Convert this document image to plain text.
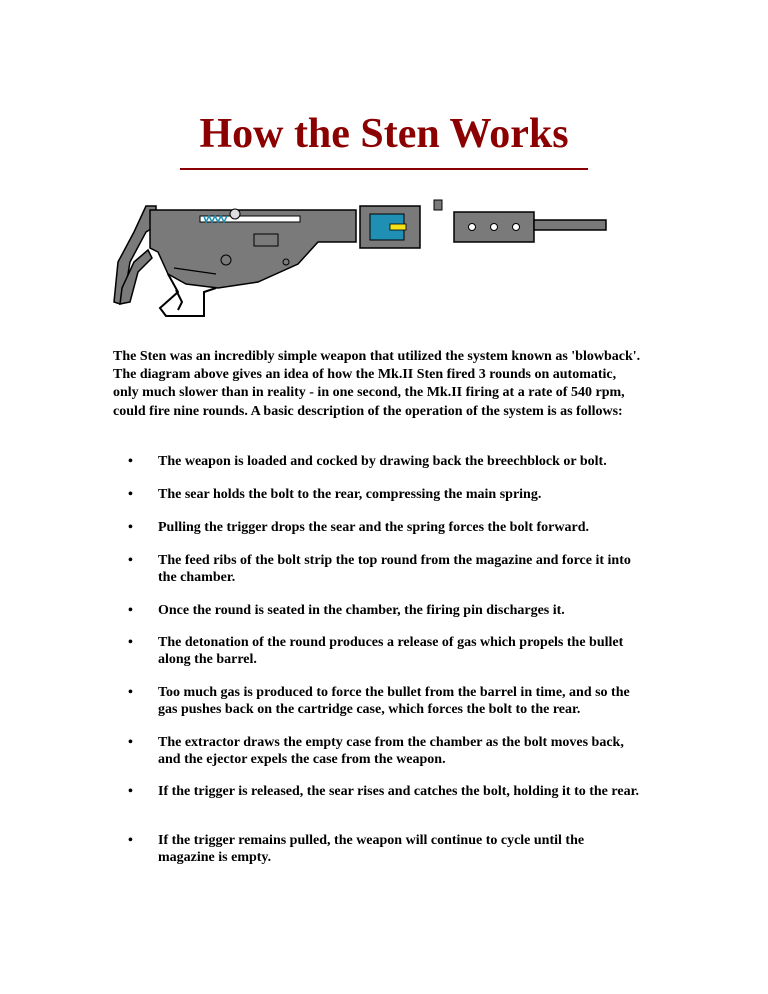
How the Sten Works

The Sten was an incredibly simple weapon that utilized the system known as 'blowback'. The diagram above gives an idea of how the Mk.II Sten fired 3 rounds on automatic, only much slower than in reality - in one second, the Mk.II firing at a rate of 540 rpm, could fire nine rounds. A basic description of the operation of the system is as follows:

• The weapon is loaded and cocked by drawing back the breechblock or bolt.
• The sear holds the bolt to the rear, compressing the main spring.
• Pulling the trigger drops the sear and the spring forces the bolt forward.
• The feed ribs of the bolt strip the top round from the magazine and force it into the chamber.
• Once the round is seated in the chamber, the firing pin discharges it.
• The detonation of the round produces a release of gas which propels the bullet along the barrel.
• Too much gas is produced to force the bullet from the barrel in time, and so the gas pushes back on the cartridge case, which forces the bolt to the rear.
• The extractor draws the empty case from the chamber as the bolt moves back, and the ejector expels the case from the weapon.
• If the trigger is released, the sear rises and catches the bolt, holding it to the rear.
• If the trigger remains pulled, the weapon will continue to cycle until the magazine is empty.
